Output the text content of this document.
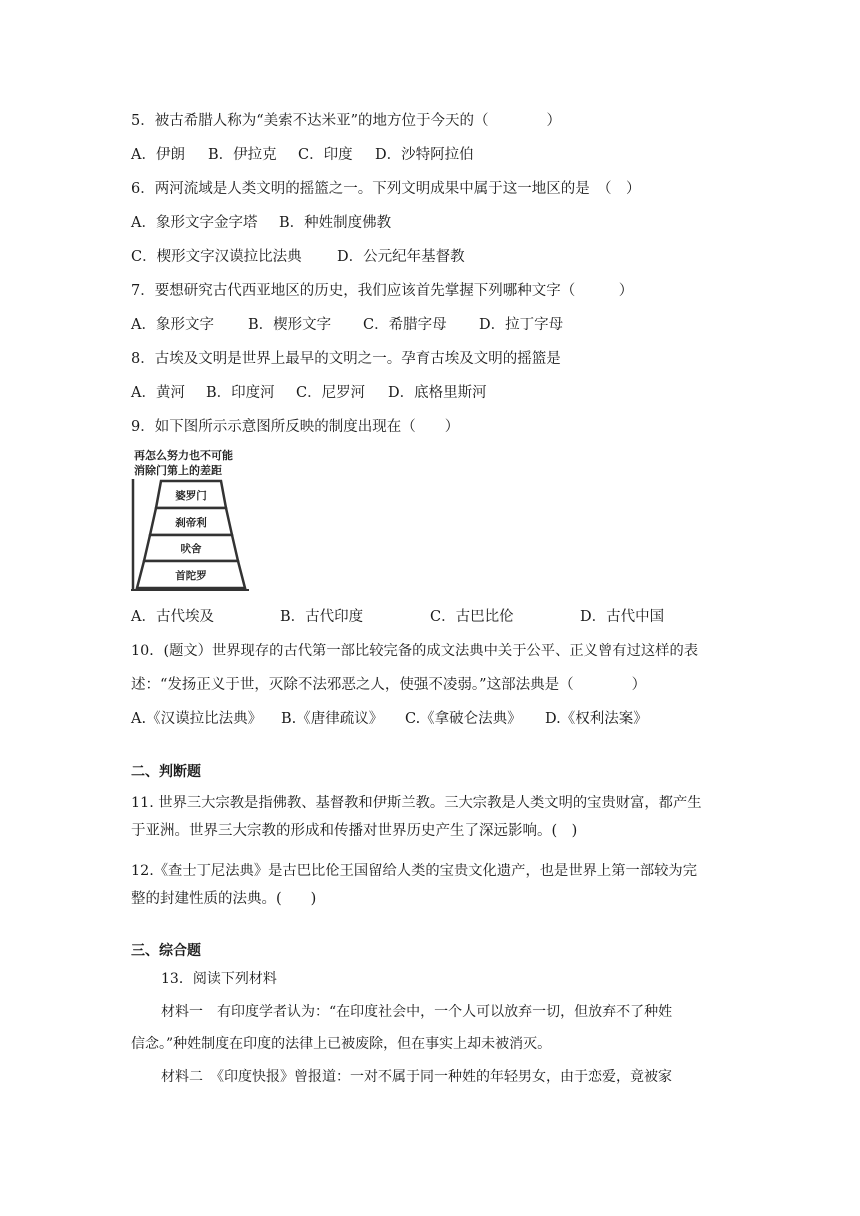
5．被古希腊人称为“美索不达米亚”的地方位于今天的（　　　　）
A．伊朗 B．伊拉克 C．印度 D．沙特阿拉伯
6．两河流域是人类文明的摇篮之一。下列文明成果中属于这一地区的是　（　）
A．象形文字金字塔 B．种姓制度佛教
C．楔形文字汉谟拉比法典 D．公元纪年基督教
7．要想研究古代西亚地区的历史，我们应该首先掌握下列哪种文字（　　　）
A．象形文字 B．楔形文字 C．希腊字母 D．拉丁字母
8．古埃及文明是世界上最早的文明之一。孕育古埃及文明的摇篮是
A．黄河 B．印度河 C．尼罗河 D．底格里斯河
9．如下图所示示意图所反映的制度出现在（　　）
再怎么努力也不可能
消除门第上的差距
婆罗门
刹帝利
吠舍
首陀罗
A．古代埃及	B．古代印度	C．古巴比伦	D．古代中国
10．(题文）世界现存的古代第一部比较完备的成文法典中关于公平、正义曾有过这样的表
述：“发扬正义于世，灭除不法邪恶之人，使强不凌弱。”这部法典是（　　　　）
A.《汉谟拉比法典》 B.《唐律疏议》 C.《拿破仑法典》 D.《权利法案》
二、判断题
11. 世界三大宗教是指佛教、基督教和伊斯兰教。三大宗教是人类文明的宝贵财富，都产生
于亚洲。世界三大宗教的形成和传播对世界历史产生了深远影响。(　)
12.《查士丁尼法典》是古巴比伦王国留给人类的宝贵文化遗产，也是世界上第一部较为完
整的封建性质的法典。(　　)
三、综合题
13．阅读下列材料
材料一　有印度学者认为：“在印度社会中，一个人可以放弃一切，但放弃不了种姓
信念。”种姓制度在印度的法律上已被废除，但在事实上却未被消灭。
材料二　《印度快报》曾报道：一对不属于同一种姓的年轻男女，由于恋爱，竟被家
